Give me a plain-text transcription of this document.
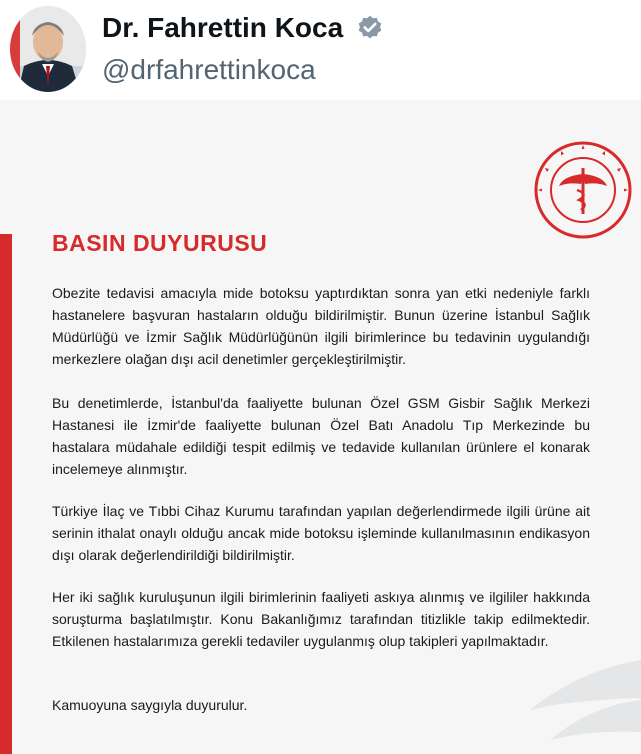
Dr. Fahrettin Koca
@drfahrettinkoca
BASIN DUYURUSU

Obezite tedavisi amacıyla mide botoksu yaptırdıktan sonra yan etki nedeniyle farklı hastanelere başvuran hastaların olduğu bildirilmiştir. Bunun üzerine İstanbul Sağlık Müdürlüğü ve İzmir Sağlık Müdürlüğünün ilgili birimlerince bu tedavinin uygulandığı merkezlere olağan dışı acil denetimler gerçekleştirilmiştir.

Bu denetimlerde, İstanbul'da faaliyette bulunan Özel GSM Gisbir Sağlık Merkezi Hastanesi ile İzmir'de faaliyette bulunan Özel Batı Anadolu Tıp Merkezinde bu hastalara müdahale edildiği tespit edilmiş ve tedavide kullanılan ürünlere el konarak incelemeye alınmıştır.

Türkiye İlaç ve Tıbbi Cihaz Kurumu tarafından yapılan değerlendirmede ilgili ürüne ait serinin ithalat onaylı olduğu ancak mide botoksu işleminde kullanılmasının endikasyon dışı olarak değerlendirildiği bildirilmiştir.

Her iki sağlık kuruluşunun ilgili birimlerinin faaliyeti askıya alınmış ve ilgililer hakkında soruşturma başlatılmıştır. Konu Bakanlığımız tarafından titizlikle takip edilmektedir. Etkilenen hastalarımıza gerekli tedaviler uygulanmış olup takipleri yapılmaktadır.

Kamuoyuna saygıyla duyurulur.
